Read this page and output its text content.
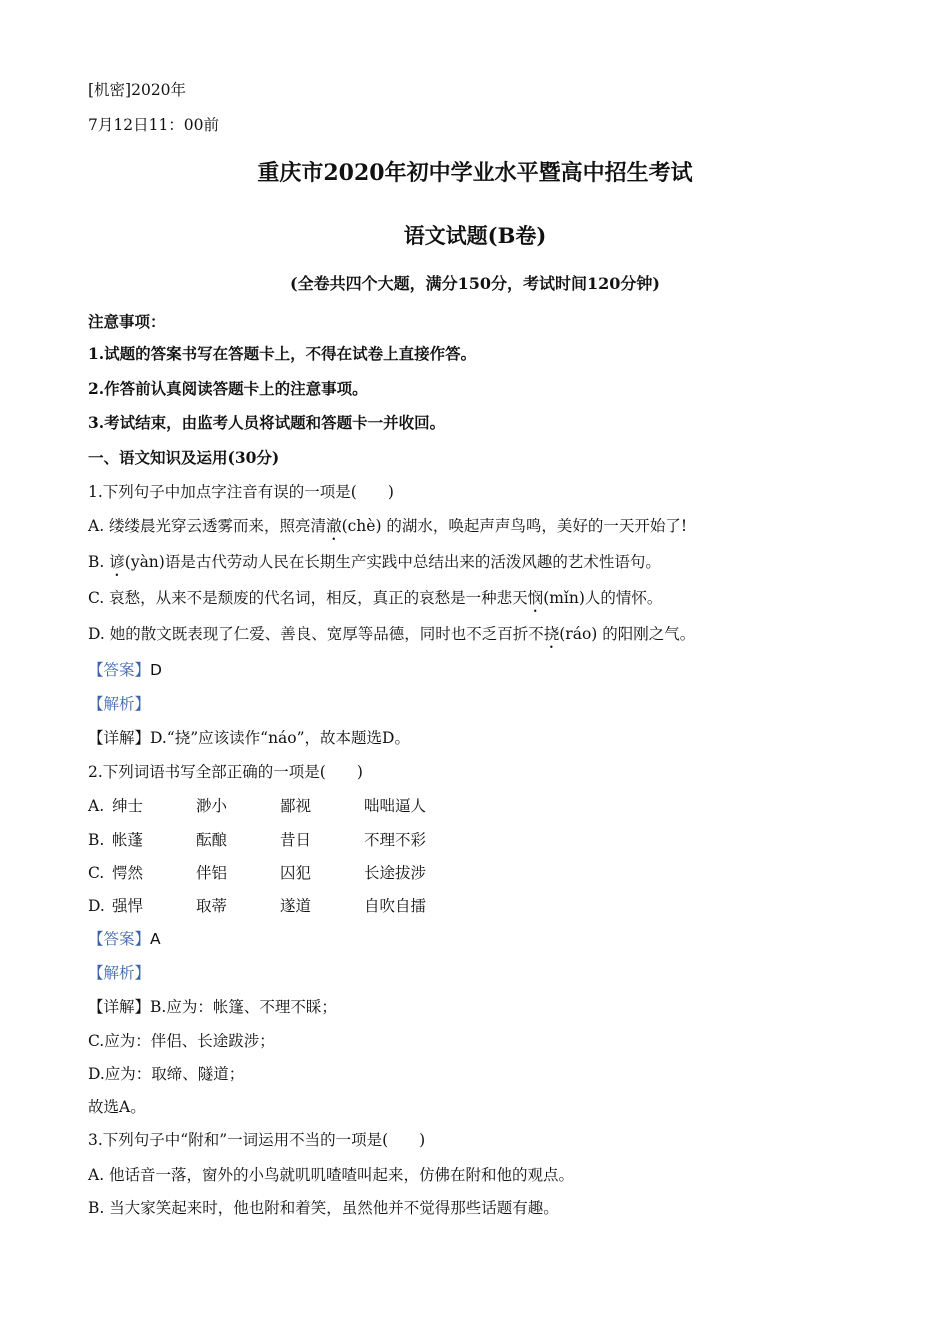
[机密]2020年
7月12日11：00前
重庆市2020年初中学业水平暨高中招生考试
语文试题(B卷)
(全卷共四个大题，满分150分，考试时间120分钟)
注意事项：
1.试题的答案书写在答题卡上，不得在试卷上直接作答。
2.作答前认真阅读答题卡上的注意事项。
3.考试结束，由监考人员将试题和答题卡一并收回。
一、语文知识及运用(30分)
1.下列句子中加点字注音有误的一项是(　　)
A. 缕缕晨光穿云透雾而来，照亮清澈(chè) 的湖水，唤起声声鸟鸣，美好的一天开始了!
B. 谚(yàn)语是古代劳动人民在长期生产实践中总结出来的活泼风趣的艺术性语句。
C. 哀愁，从来不是颓废的代名词，相反，真正的哀愁是一种悲天悯(mǐn)人的情怀。
D. 她的散文既表现了仁爱、善良、宽厚等品德，同时也不乏百折不挠(ráo) 的阳刚之气。
【答案】D
【解析】
【详解】D.“挠”应该读作“náo”，故本题选D。
2.下列词语书写全部正确的一项是(　　)
A. 绅士	渺小	鄙视	咄咄逼人
B. 帐蓬	酝酿	昔日	不理不彩
C. 愕然	伴铝	囚犯	长途拔涉
D. 强悍	取蒂	遂道	自吹自擂
【答案】A
【解析】
【详解】B.应为：帐篷、不理不睬；
C.应为：伴侣、长途跋涉；
D.应为：取缔、隧道；
故选A。
3.下列句子中“附和”一词运用不当的一项是(　　)
A. 他话音一落，窗外的小鸟就叽叽喳喳叫起来，仿佛在附和他的观点。
B. 当大家笑起来时，他也附和着笑，虽然他并不觉得那些话题有趣。
